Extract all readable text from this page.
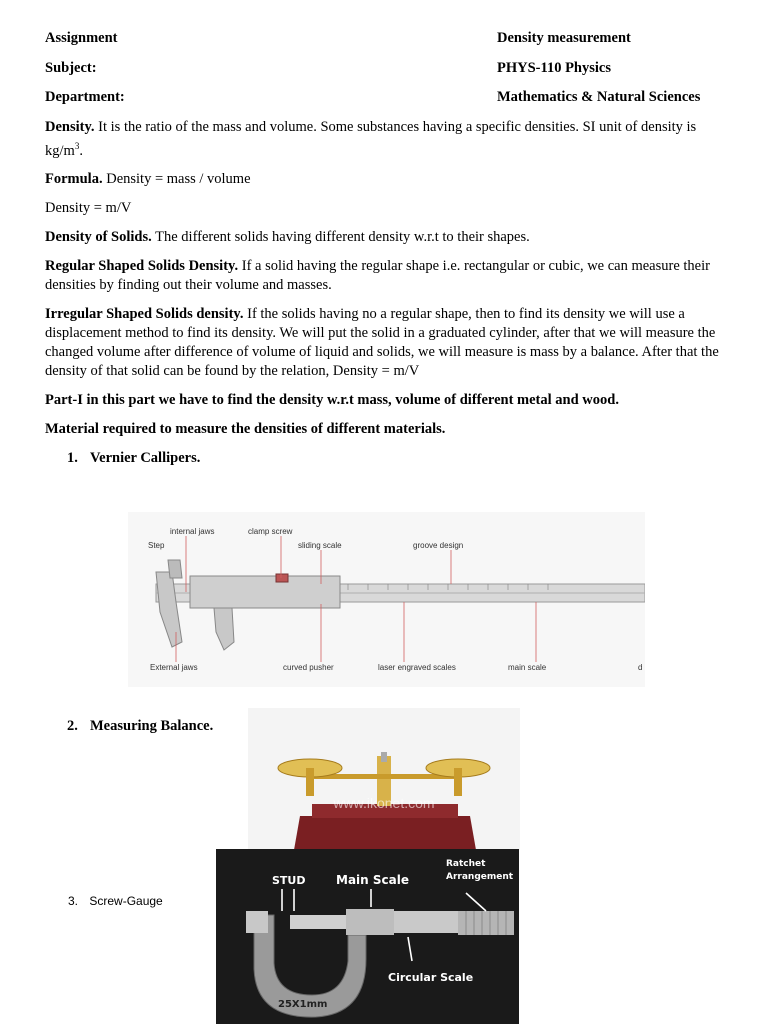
Assignment	Density measurement
Subject:	PHYS-110 Physics
Department:	Mathematics & Natural Sciences

Density. It is the ratio of the mass and volume. Some substances having a specific densities. SI unit of density is $kg/m^3$.

Formula. Density = mass / volume

Density = m/V

Density of Solids. The different solids having different density w.r.t to their shapes.

Regular Shaped Solids Density. If a solid having the regular shape i.e. rectangular or cubic, we can measure their densities by finding out their volume and masses.

Irregular Shaped Solids density. If the solids having no a regular shape, then to find its density we will use a displacement method to find its density. We will put the solid in a graduated cylinder, after that we will measure the changed volume after difference of volume of liquid and solids, we will measure is mass by a balance. After that the density of that solid can be found by the relation, Density = m/V

Part-I in this part we have to find the density w.r.t mass, volume of different metal and wood.

Material required to measure the densities of different materials.

1. Vernier Callipers.
internal jaws	clamp screw
Step	sliding scale	groove design
External jaws	curved pusher	laser engraved scales	main scale	d
2. Measuring Balance.
www.ikonet.com
3. Screw-Gauge
STUD	Main Scale
Ratchet
Arrangement
Circular Scale
25X1mm
